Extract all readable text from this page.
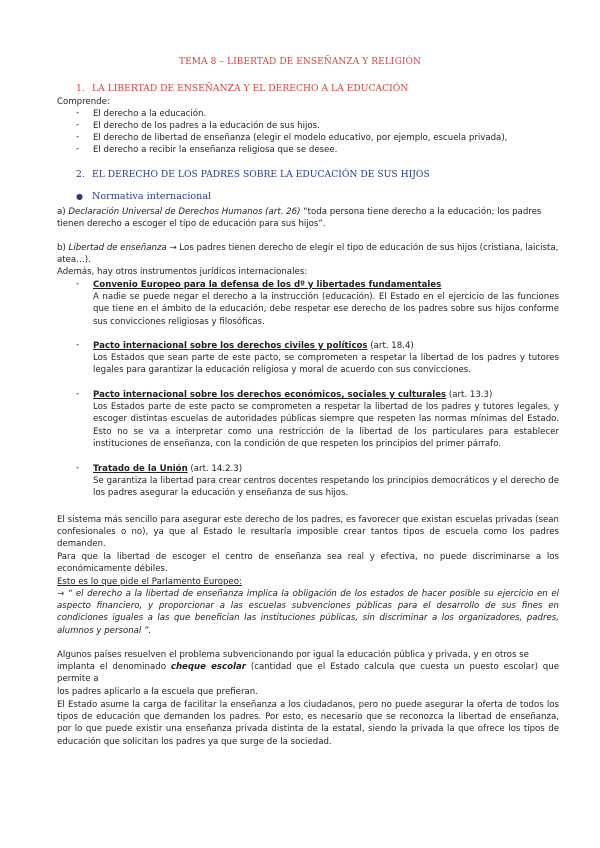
TEMA 8 – LIBERTAD DE ENSEÑANZA Y RELIGIÓN
1. LA LIBERTAD DE ENSEÑANZA Y EL DERECHO A LA EDUCACIÓN
Comprende:
- El derecho a la educación.
- El derecho de los padres a la educación de sus hijos.
- El derecho de libertad de enseñanza (elegir el modelo educativo, por ejemplo, escuela privada),
- El derecho a recibir la enseñanza religiosa que se desee.
2. EL DERECHO DE LOS PADRES SOBRE LA EDUCACIÓN DE SUS HIJOS
● Normativa internacional
a) Declaración Universal de Derechos Humanos (art. 26) “toda persona tiene derecho a la educación; los padres
tienen derecho a escoger el tipo de educación para sus hijos”.
b) Libertad de enseñanza → Los padres tienen derecho de elegir el tipo de educación de sus hijos (cristiana, laicista,
atea…).
Además, hay otros instrumentos jurídicos internacionales:
- Convenio Europeo para la defensa de los dº y libertades fundamentales
A nadie se puede negar el derecho a la instrucción (educación). El Estado en el ejercicio de las funciones que tiene en el ámbito de la educación, debe respetar ese derecho de los padres sobre sus hijos conforme sus convicciones religiosas y filosóficas.
- Pacto internacional sobre los derechos civiles y políticos (art. 18.4)
Los Estados que sean parte de este pacto, se comprometen a respetar la libertad de los padres y tutores legales para garantizar la educación religiosa y moral de acuerdo con sus convicciones.
- Pacto internacional sobre los derechos económicos, sociales y culturales (art. 13.3)
Los Estados parte de este pacto se comprometen a respetar la libertad de los padres y tutores legales, y escoger distintas escuelas de autoridades públicas siempre que respeten las normas mínimas del Estado. Esto no se va a interpretar como una restricción de la libertad de los particulares para establecer instituciones de enseñanza, con la condición de que respeten los principios del primer párrafo.
- Tratado de la Unión (art. 14.2.3)
Se garantiza la libertad para crear centros docentes respetando los principios democráticos y el derecho de los padres asegurar la educación y enseñanza de sus hijos.
El sistema más sencillo para asegurar este derecho de los padres, es favorecer que existan escuelas privadas (sean confesionales o no), ya que al Estado le resultaría imposible crear tantos tipos de escuela como los padres demanden.
Para que la libertad de escoger el centro de enseñanza sea real y efectiva, no puede discriminarse a los económicamente débiles.
Esto es lo que pide el Parlamento Europeo:
→ “ el derecho a la libertad de enseñanza implica la obligación de los estados de hacer posible su ejercicio en el aspecto financiero, y proporcionar a las escuelas subvenciones públicas para el desarrollo de sus fines en condiciones iguales a las que benefician las instituciones públicas, sin discriminar a los organizadores, padres, alumnos y personal ”.
Algunos países resuelven el problema subvencionando por igual la educación pública y privada, y en otros se
implanta el denominado cheque escolar (cantidad que el Estado calcula que cuesta un puesto escolar) que permite a
los padres aplicarlo a la escuela que prefieran.
El Estado asume la carga de facilitar la enseñanza a los ciudadanos, pero no puede asegurar la oferta de todos los tipos de educación que demanden los padres. Por esto, es necesario que se reconozca la libertad de enseñanza, por lo que puede existir una enseñanza privada distinta de la estatal, siendo la privada la que ofrece los tipos de educación que solicitan los padres ya que surge de la sociedad.
